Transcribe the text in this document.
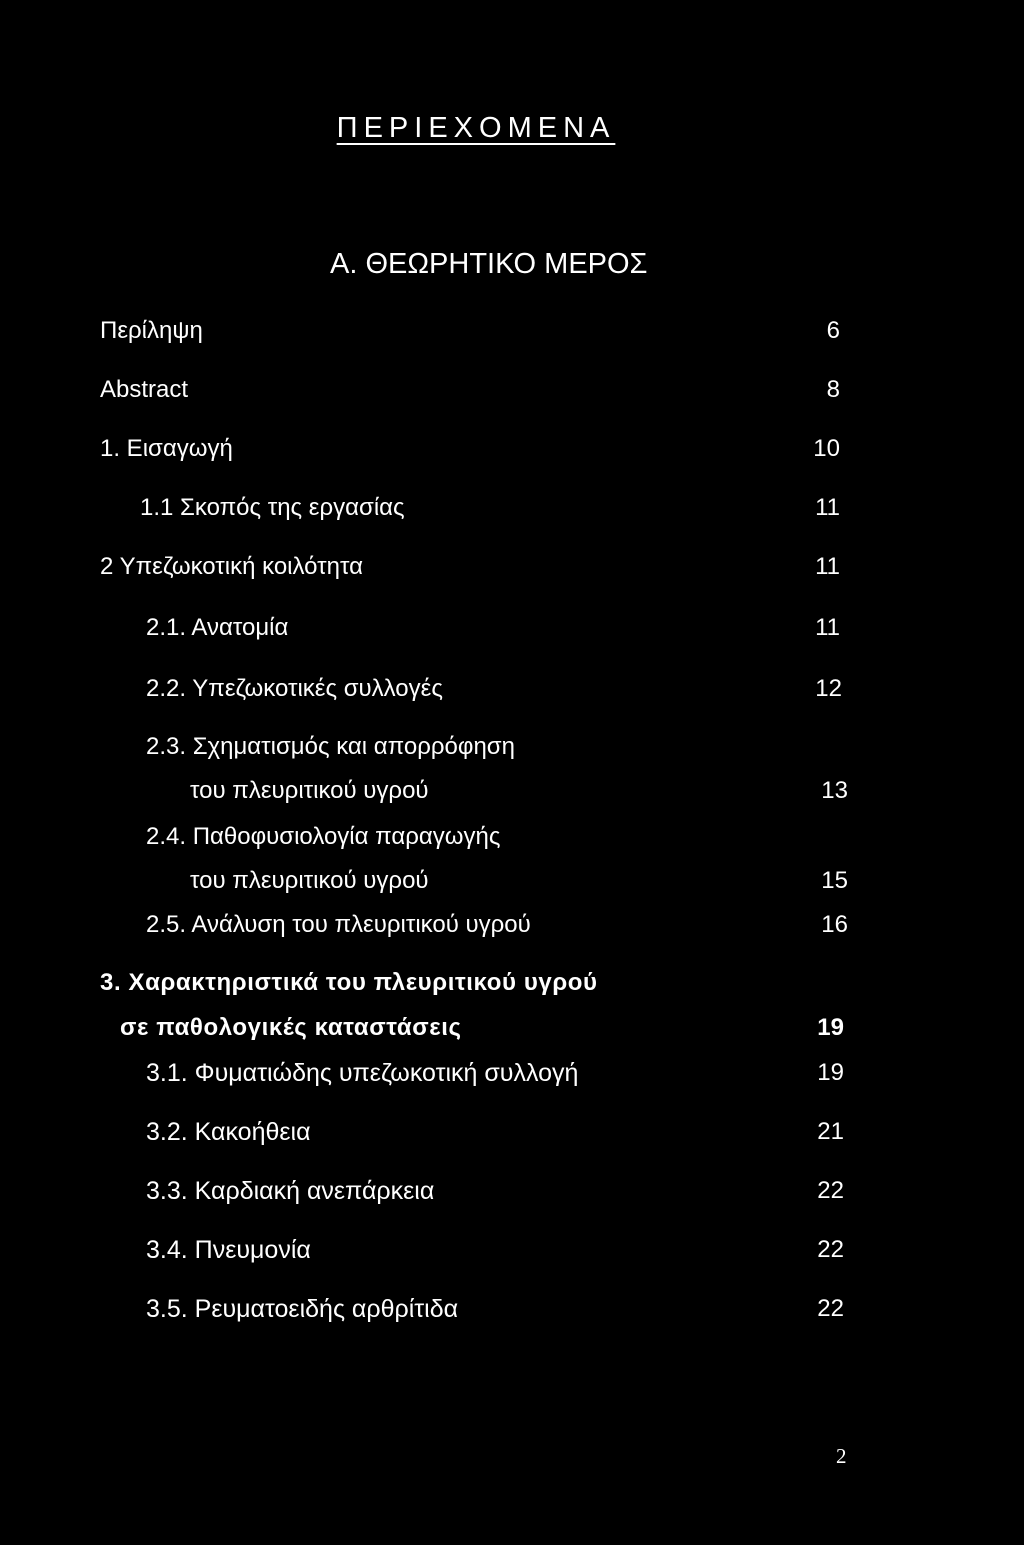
ΠΕΡΙΕΧΟΜΕΝΑ
Α. ΘΕΩΡΗΤΙΚΟ ΜΕΡΟΣ
Περίληψη	6
Abstract	8
1. Εισαγωγή	10
1.1 Σκοπός της εργασίας	11
2 Υπεζωκοτική κοιλότητα	11
2.1. Ανατομία	11
2.2. Υπεζωκοτικές συλλογές	12
2.3. Σχηματισμός και απορρόφηση
του πλευριτικού υγρού	13
2.4. Παθοφυσιολογία παραγωγής
του πλευριτικού υγρού	15
2.5. Ανάλυση του πλευριτικού υγρού	16
3. Χαρακτηριστικά του πλευριτικού υγρού
σε παθολογικές καταστάσεις	19
3.1. Φυματιώδης υπεζωκοτική συλλογή	19
3.2. Κακοήθεια	21
3.3. Καρδιακή ανεπάρκεια	22
3.4. Πνευμονία	22
3.5. Ρευματοειδής αρθρίτιδα	22
2
